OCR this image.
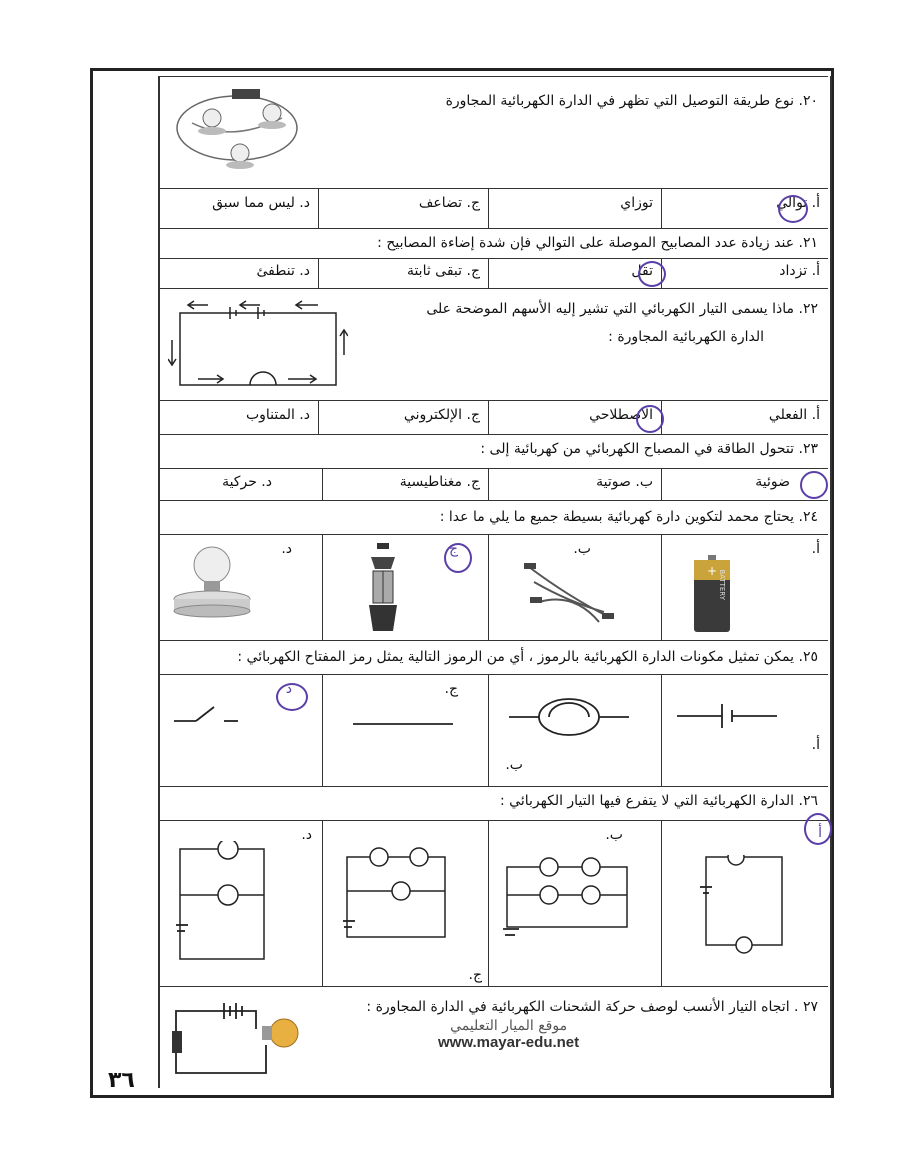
٢٠. نوع طريقة التوصيل التي تظهر في الدارة الكهربائية المجاورة
أ. توالي
توزاي
ج. تضاعف
د. ليس مما سبق
٢١. عند زيادة عدد المصابيح الموصلة على التوالي فإن شدة إضاءة المصابيح :
أ. تزداد
تقل
ج. تبقى ثابتة
د. تنطفئ
٢٢. ماذا يسمى التيار الكهربائي التي تشير إليه الأسهم الموضحة على
الدارة الكهربائية المجاورة :
أ. الفعلي
الاصطلاحي
ج. الإلكتروني
د. المتناوب
٢٣. تتحول الطاقة في المصباح الكهربائي من كهربائية إلى :
ضوئية
ب. صوتية
ج. مغناطيسية
د. حركية
٢٤. يحتاج محمد لتكوين دارة كهربائية بسيطة جميع ما يلي ما عدا :
أ.
+ BATTERY
ب.
ج
د.
٢٥. يمكن تمثيل مكونات الدارة الكهربائية بالرموز ، أي من الرموز التالية يمثل رمز المفتاح الكهربائي :
أ.
ب.
ج.
د
٢٦. الدارة الكهربائية التي لا يتفرع فيها التيار الكهربائي :
أ
ب.
ج.
د.
٢٧ . اتجاه التيار الأنسب لوصف حركة الشحنات الكهربائية في الدارة المجاورة :
موقع الميار التعليمي
www.mayar-edu.net
٣٦
